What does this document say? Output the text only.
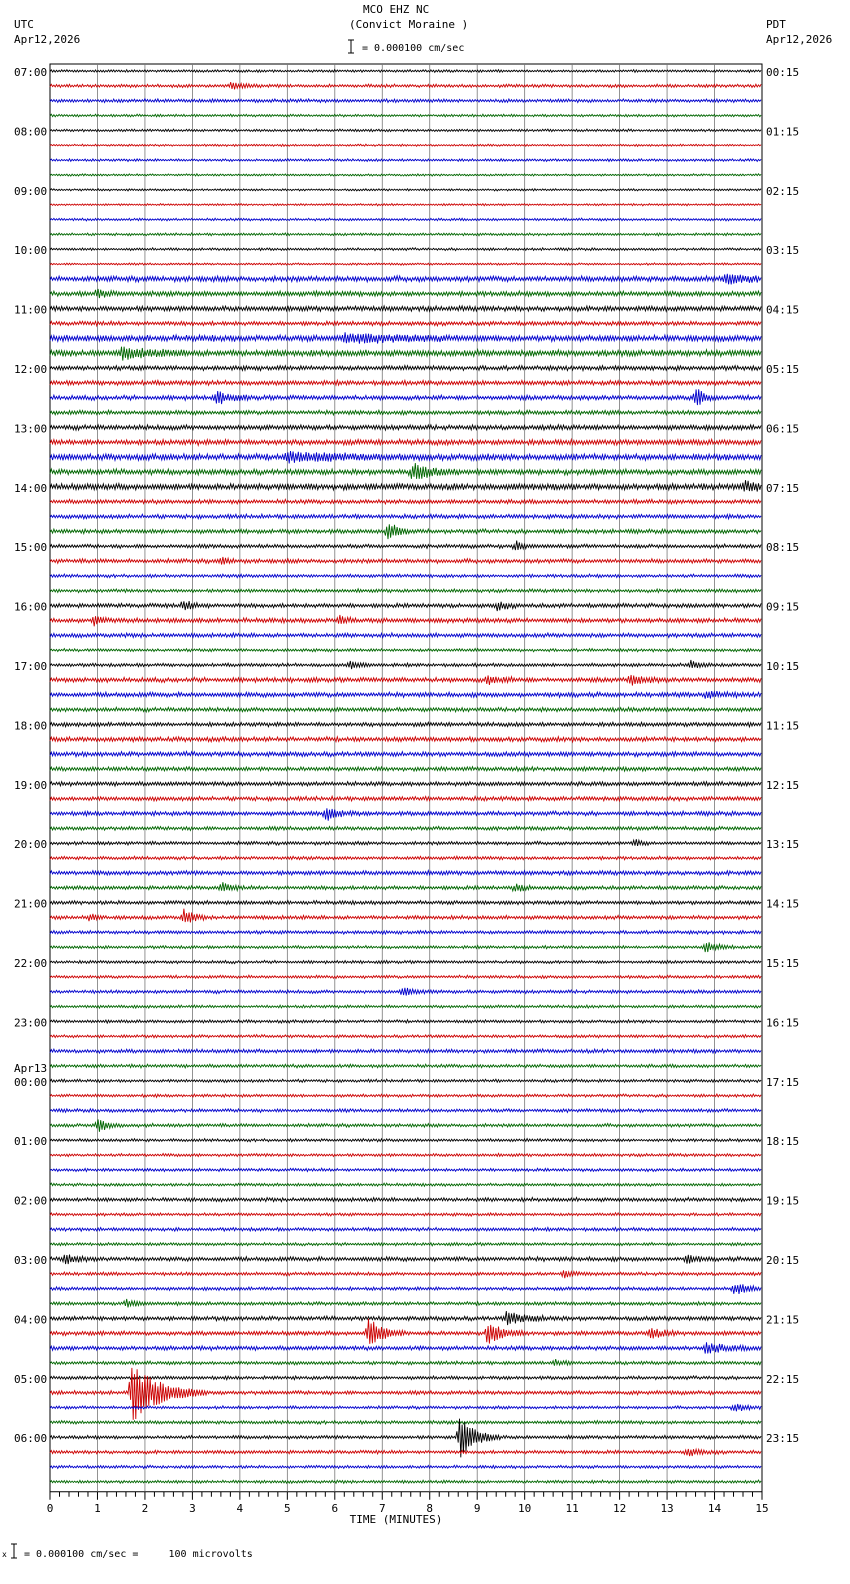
MCO EHZ NC
(Convict Moraine )
= 0.000100 cm/sec
UTC
Apr12,2026
PDT
Apr12,2026
0	1	2	3	4	5	6	7	8	9	10	11	12	13	14	15
TIME (MINUTES)
07:00
08:00
09:00
10:00
11:00
12:00
13:00
14:00
15:00
16:00
17:00
18:00
19:00
20:00
21:00
22:00
23:00
00:00
01:00
02:00
03:00
04:00
05:00
06:00
Apr13
00:15
01:15
02:15
03:15
04:15
05:15
06:15
07:15
08:15
09:15
10:15
11:15
12:15
13:15
14:15
15:15
16:15
17:15
18:15
19:15
20:15
21:15
22:15
23:15
x = 0.000100 cm/sec =     100 microvolts
